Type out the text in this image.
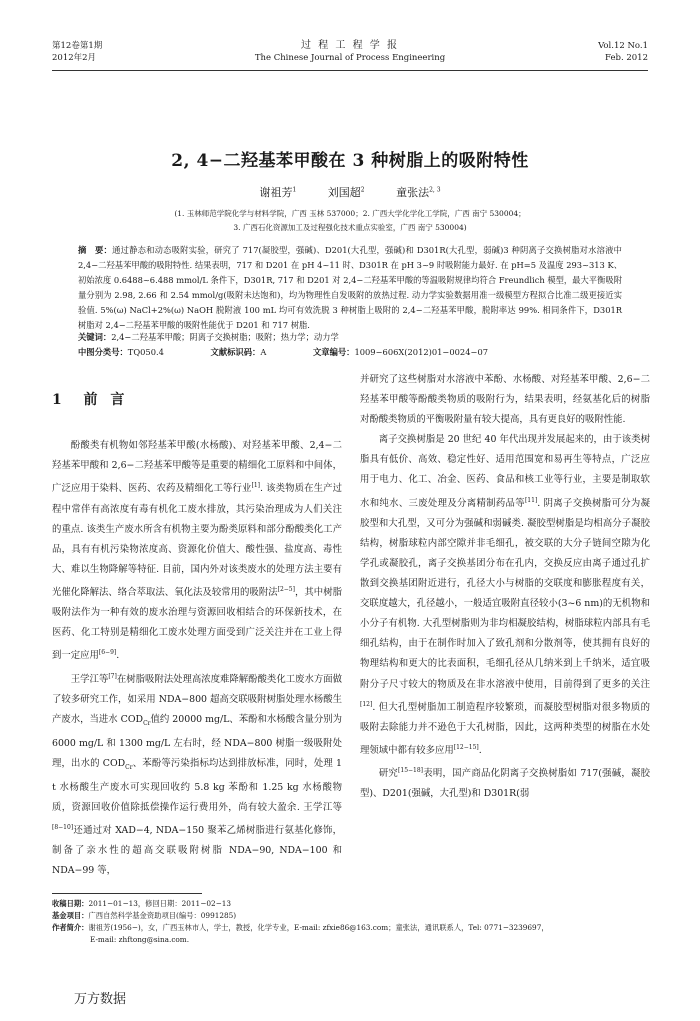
第12卷第1期
2012年2月
过 程 工 程 学 报
The Chinese Journal of Process Engineering
Vol.12 No.1
Feb. 2012
2, 4−二羟基苯甲酸在 3 种树脂上的吸附特性
谢祖芳$^1$	刘国超$^2$	童张法$^{2, 3}$
(1. 玉林师范学院化学与材料学院，广西 玉林 537000；2. 广西大学化学化工学院，广西 南宁 530004；
3. 广西石化资源加工及过程强化技术重点实验室，广西 南宁 530004)
摘　要：通过静态和动态吸附实验，研究了 717(凝胶型，强碱)、D201(大孔型，强碱)和 D301R(大孔型，弱碱)3 种阴离子交换树脂对水溶液中 2,4−二羟基苯甲酸的吸附特性. 结果表明，717 和 D201 在 pH 4~11 时、D301R 在 pH 3~9 时吸附能力最好. 在 pH=5 及温度 293~313 K、初始浓度 0.6488~6.488 mmol/L 条件下，D301R, 717 和 D201 对 2,4−二羟基苯甲酸的等温吸附规律均符合 Freundlich 模型，最大平衡吸附量分别为 2.98, 2.66 和 2.54 mmol/g(吸附未达饱和)，均为物理性自发吸附的放热过程. 动力学实验数据用准一级模型方程拟合比准二级更接近实验值. 5%(ω) NaCl+2%(ω) NaOH 脱附液 100 mL 均可有效洗脱 3 种树脂上吸附的 2,4−二羟基苯甲酸，脱附率达 99%. 相同条件下，D301R 树脂对 2,4−二羟基苯甲酸的吸附性能优于 D201 和 717 树脂.
关键词：2,4−二羟基苯甲酸；阴离子交换树脂；吸附；热力学；动力学
中图分类号：TQ050.4	文献标识码：A	文章编号：1009−606X(2012)01−0024−07
1 前 言

酚酸类有机物如邻羟基苯甲酸(水杨酸)、对羟基苯甲酸、2,4−二羟基苯甲酸和 2,6−二羟基苯甲酸等是重要的精细化工原料和中间体，广泛应用于染料、医药、农药及精细化工等行业[1]. 该类物质在生产过程中常伴有高浓度有毒有机化工废水排放，其污染治理成为人们关注的重点. 该类生产废水所含有机物主要为酚类原料和部分酚酸类化工产品，具有有机污染物浓度高、资源化价值大、酸性强、盐度高、毒性大、难以生物降解等特征. 目前，国内外对该类废水的处理方法主要有光催化降解法、络合萃取法、氧化法及较常用的吸附法[2−5]，其中树脂吸附法作为一种有效的废水治理与资源回收相结合的环保新技术，在医药、化工特别是精细化工废水处理方面受到广泛关注并在工业上得到一定应用[6−9].

王学江等[7]在树脂吸附法处理高浓度难降解酚酸类化工废水方面做了较多研究工作，如采用 NDA−800 超高交联吸附树脂处理水杨酸生产废水，当进水 $COD_{Cr}$值约 20000 mg/L、苯酚和水杨酸含量分别为 6000 mg/L 和 1300 mg/L 左右时，经 NDA−800 树脂一级吸附处理，出水的 $COD_{Cr}$、苯酚等污染指标均达到排放标准，同时，处理 1 t 水杨酸生产废水可实现回收约 5.8 kg 苯酚和 1.25 kg 水杨酸物质，资源回收价值除抵偿操作运行费用外，尚有较大盈余. 王学江等[8−10]还通过对 XAD−4, NDA−150 聚苯乙烯树脂进行氨基化修饰，制备了亲水性的超高交联吸附树脂 NDA−90, NDA−100 和 NDA−99 等，

并研究了这些树脂对水溶液中苯酚、水杨酸、对羟基苯甲酸、2,6−二羟基苯甲酸等酚酸类物质的吸附行为，结果表明，经氨基化后的树脂对酚酸类物质的平衡吸附量有较大提高，具有更良好的吸附性能.

离子交换树脂是 20 世纪 40 年代出现并发展起来的，由于该类树脂具有低价、高效、稳定性好、适用范围宽和易再生等特点，广泛应用于电力、化工、冶金、医药、食品和核工业等行业，主要是制取软水和纯水、三废处理及分离精制药品等[11]. 阴离子交换树脂可分为凝胶型和大孔型，又可分为强碱和弱碱类. 凝胶型树脂是均相高分子凝胶结构，树脂球粒内部空隙并非毛细孔，被交联的大分子链间空隙为化学孔或凝胶孔，离子交换基团分布在孔内，交换反应由离子通过孔扩散到交换基团附近进行，孔径大小与树脂的交联度和膨胀程度有关，交联度越大，孔径越小，一般适宜吸附直径较小(3~6 nm)的无机物和小分子有机物. 大孔型树脂则为非均相凝胶结构，树脂球粒内部具有毛细孔结构，由于在制作时加入了致孔剂和分散剂等，使其拥有良好的物理结构和更大的比表面积，毛细孔径从几纳米到上千纳米，适宜吸附分子尺寸较大的物质及在非水溶液中使用，目前得到了更多的关注[12]. 但大孔型树脂加工制造程序较繁琐，而凝胶型树脂对很多物质的吸附去除能力并不逊色于大孔树脂，因此，这两种类型的树脂在水处理领域中都有较多应用[12−15].

研究[15−18]表明，国产商品化阴离子交换树脂如 717(强碱，凝胶型)、D201(强碱，大孔型)和 D301R(弱

收稿日期：2011−01−13，修回日期：2011−02−13
基金项目：广西自然科学基金资助项目(编号：0991285)
作者简介：谢祖芳(1956−)，女，广西玉林市人，学士，教授，化学专业，E-mail: zfxie86@163.com；童张法，通讯联系人，Tel: 0771−3239697，
E-mail: zhftong@sina.com.
万方数据
